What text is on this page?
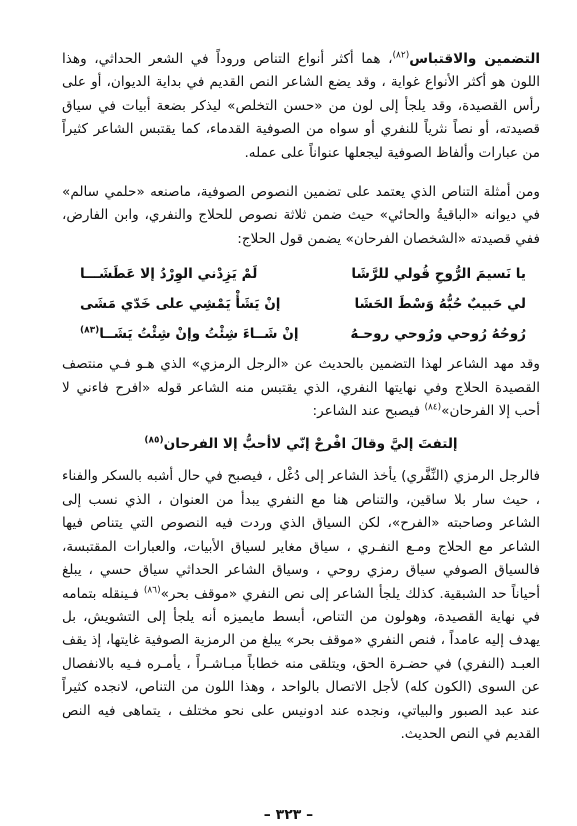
التضمين والاقتباس$^{(٨٢)}$، هما أكثر أنواع التناص وروداً في الشعر الحداثي، وهذا اللون هو أكثر الأنواع غواية ، وقد يضع الشاعر النص القديم في بداية الديوان، أو على رأس القصيدة، وقد يلجأ إلى لون من «حسن التخلص» ليذكر بضعة أبيات في سياق قصيدته، أو نصاً نثرياً للنفري أو سواه من الصوفية القدماء، كما يقتبس الشاعر كثيراً من عبارات وألفاظ الصوفية ليجعلها عنواناً على عمله.

ومن أمثلة التناص الذي يعتمد على تضمين النصوص الصوفية، ماصنعه «حلمي سالم» في ديوانه «الباقيةُ والحائي» حيث ضمن ثلاثة نصوص للحلاج والنفري، وابن الفارض، ففي قصيدته «الشخصان الفرحان» يضمن قول الحلاج:

يا نَسيمَ الرُّوحِ قُولي للرَّشَا
لَمْ يَزِدْني الوِرْدُ إلا عَطَشَـــا
لي حَبيبٌ حُبُّهُ وَسْطَ الحَشَا
إنْ يَشَأْ يَمْشِي على خَدّي مَشَى
رُوحُهُ رُوحي ورُوحي روحـهُ
إنْ شَــاءَ شِئْتُ وإنْ شِئْتُ يَشَــا$^{(٨٣)}$

وقد مهد الشاعر لهذا التضمين بالحديث عن «الرجل الرمزي» الذي هـو فـي منتصف القصيدة الحلاج وفي نهايتها النفري، الذي يقتبس منه الشاعر قوله «افرح فاءني لا أحب إلا الفرحان»$^{(٨٤)}$ فيصبح عند الشاعر:

إلتفتَ إليَّ وقالَ افْرحْ إنّي لاأحبُّ إلا الفرحان$^{(٨٥)}$

فالرجل الرمزي (النِّفَّري) يأخذ الشاعر إلى دُغْل ، فيصبح في حال أشبه بالسكر والفناء ، حيث سار بلا ساقين، والتناص هنا مع النفري يبدأ من العنوان ، الذي نسب إلى الشاعر وصاحبته «الفرح»، لكن السياق الذي وردت فيه النصوص التي يتناص فيها الشاعر مع الحلاج ومـع النفـري ، سياق مغاير لسياق الأبيات، والعبارات المقتبسة، فالسياق الصوفي سياق رمزي روحي ، وسياق الشاعر الحداثي سياق حسي ، يبلغ أحياناً حد الشبقية. كذلك يلجأ الشاعر إلى نص النفري «موقف بحر»$^{(٨٦)}$ فـينقله بتمامه في نهاية القصيدة، وهولون من التناص، أبسط مايميزه أنه يلجأ إلى التشويش، بل يهدف إليه عامداً ، فنص النفري «موقف بحر» يبلغ من الرمزية الصوفية غايتها، إذ يقف العبـد (النفري) في حضـرة الحق، ويتلقى منه خطاباً مبـاشـراً ، يأمـره فـيه بالانفصال عن السوى (الكون كله) لأجل الاتصال بالواحد ، وهذا اللون من التناص، لانجده كثيراً عند عبد الصبور والبياتي، ونجده عند ادونيس على نحو مختلف ، يتماهى فيه النص القديم في النص الحديث.

– ٣٢٣ –
